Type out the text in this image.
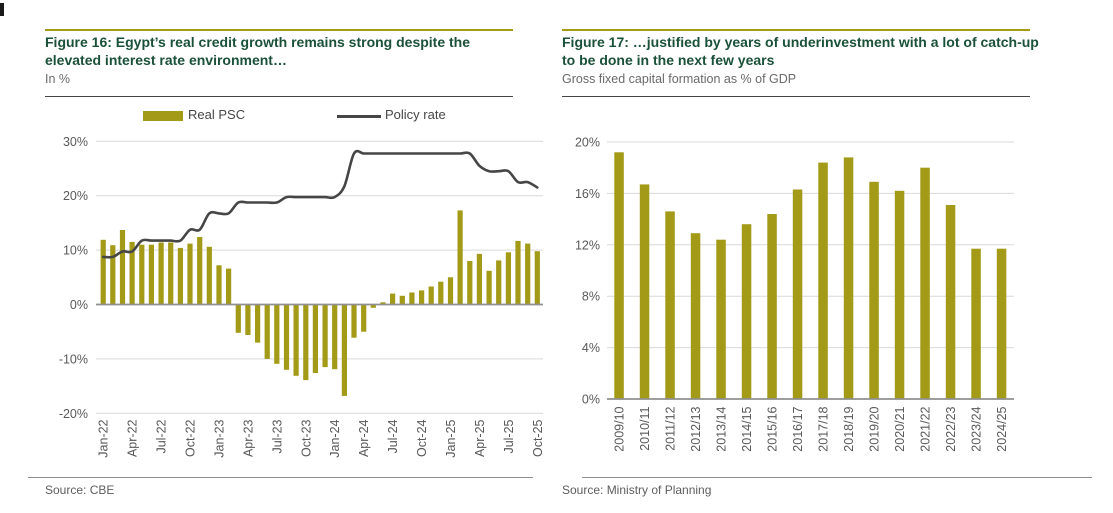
Figure 16: Egypt’s real credit growth remains strong despite the elevated interest rate environment…
In %
Real PSC	Policy rate
30%
20%
10%
0%
-10%
-20%
Jan-22 Apr-22 Jul-22 Oct-22 Jan-23 Apr-23 Jul-23 Oct-23 Jan-24 Apr-24 Jul-24 Oct-24 Jan-25 Apr-25 Jul-25 Oct-25
Source: CBE
Figure 17: …justified by years of underinvestment with a lot of catch-up to be done in the next few years
Gross fixed capital formation as % of GDP
20%
16%
12%
8%
4%
0%
2009/10 2010/11 2011/12 2012/13 2013/14 2014/15 2015/16 2016/17 2017/18 2018/19 2019/20 2020/21 2021/22 2022/23 2023/24 2024/25
Source: Ministry of Planning
